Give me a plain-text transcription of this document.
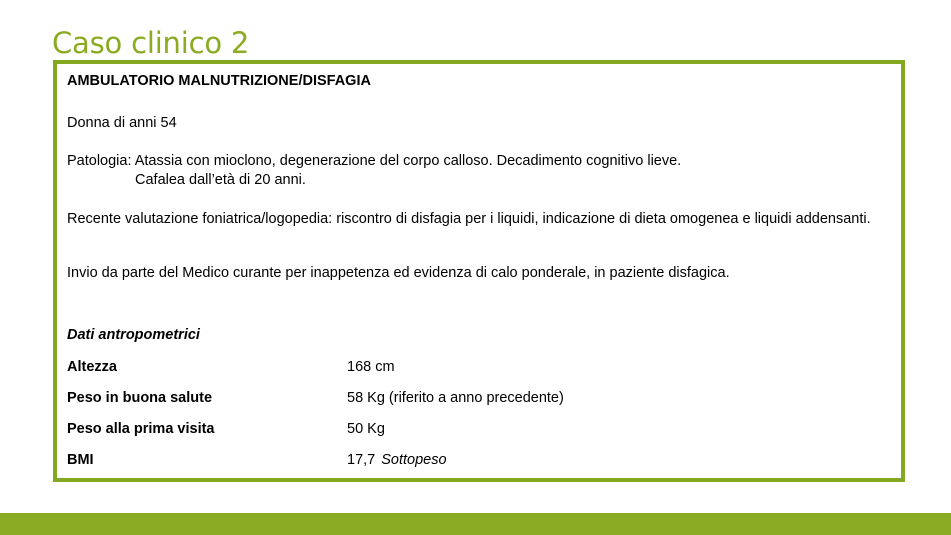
Caso clinico 2
AMBULATORIO MALNUTRIZIONE/DISFAGIA
Donna di anni 54
Patologia: Atassia con mioclono, degenerazione del corpo calloso. Decadimento cognitivo lieve.
Cafalea dall’età di 20 anni.
Recente valutazione foniatrica/logopedia: riscontro di disfagia per i liquidi, indicazione di dieta omogenea e liquidi addensanti.
Invio da parte del Medico curante per inappetenza ed evidenza di calo ponderale, in paziente disfagica.
Dati antropometrici
Altezza	168 cm
Peso in buona salute	58 Kg (riferito a anno precedente)
Peso alla prima visita	50 Kg
BMI	17,7 Sottopeso
